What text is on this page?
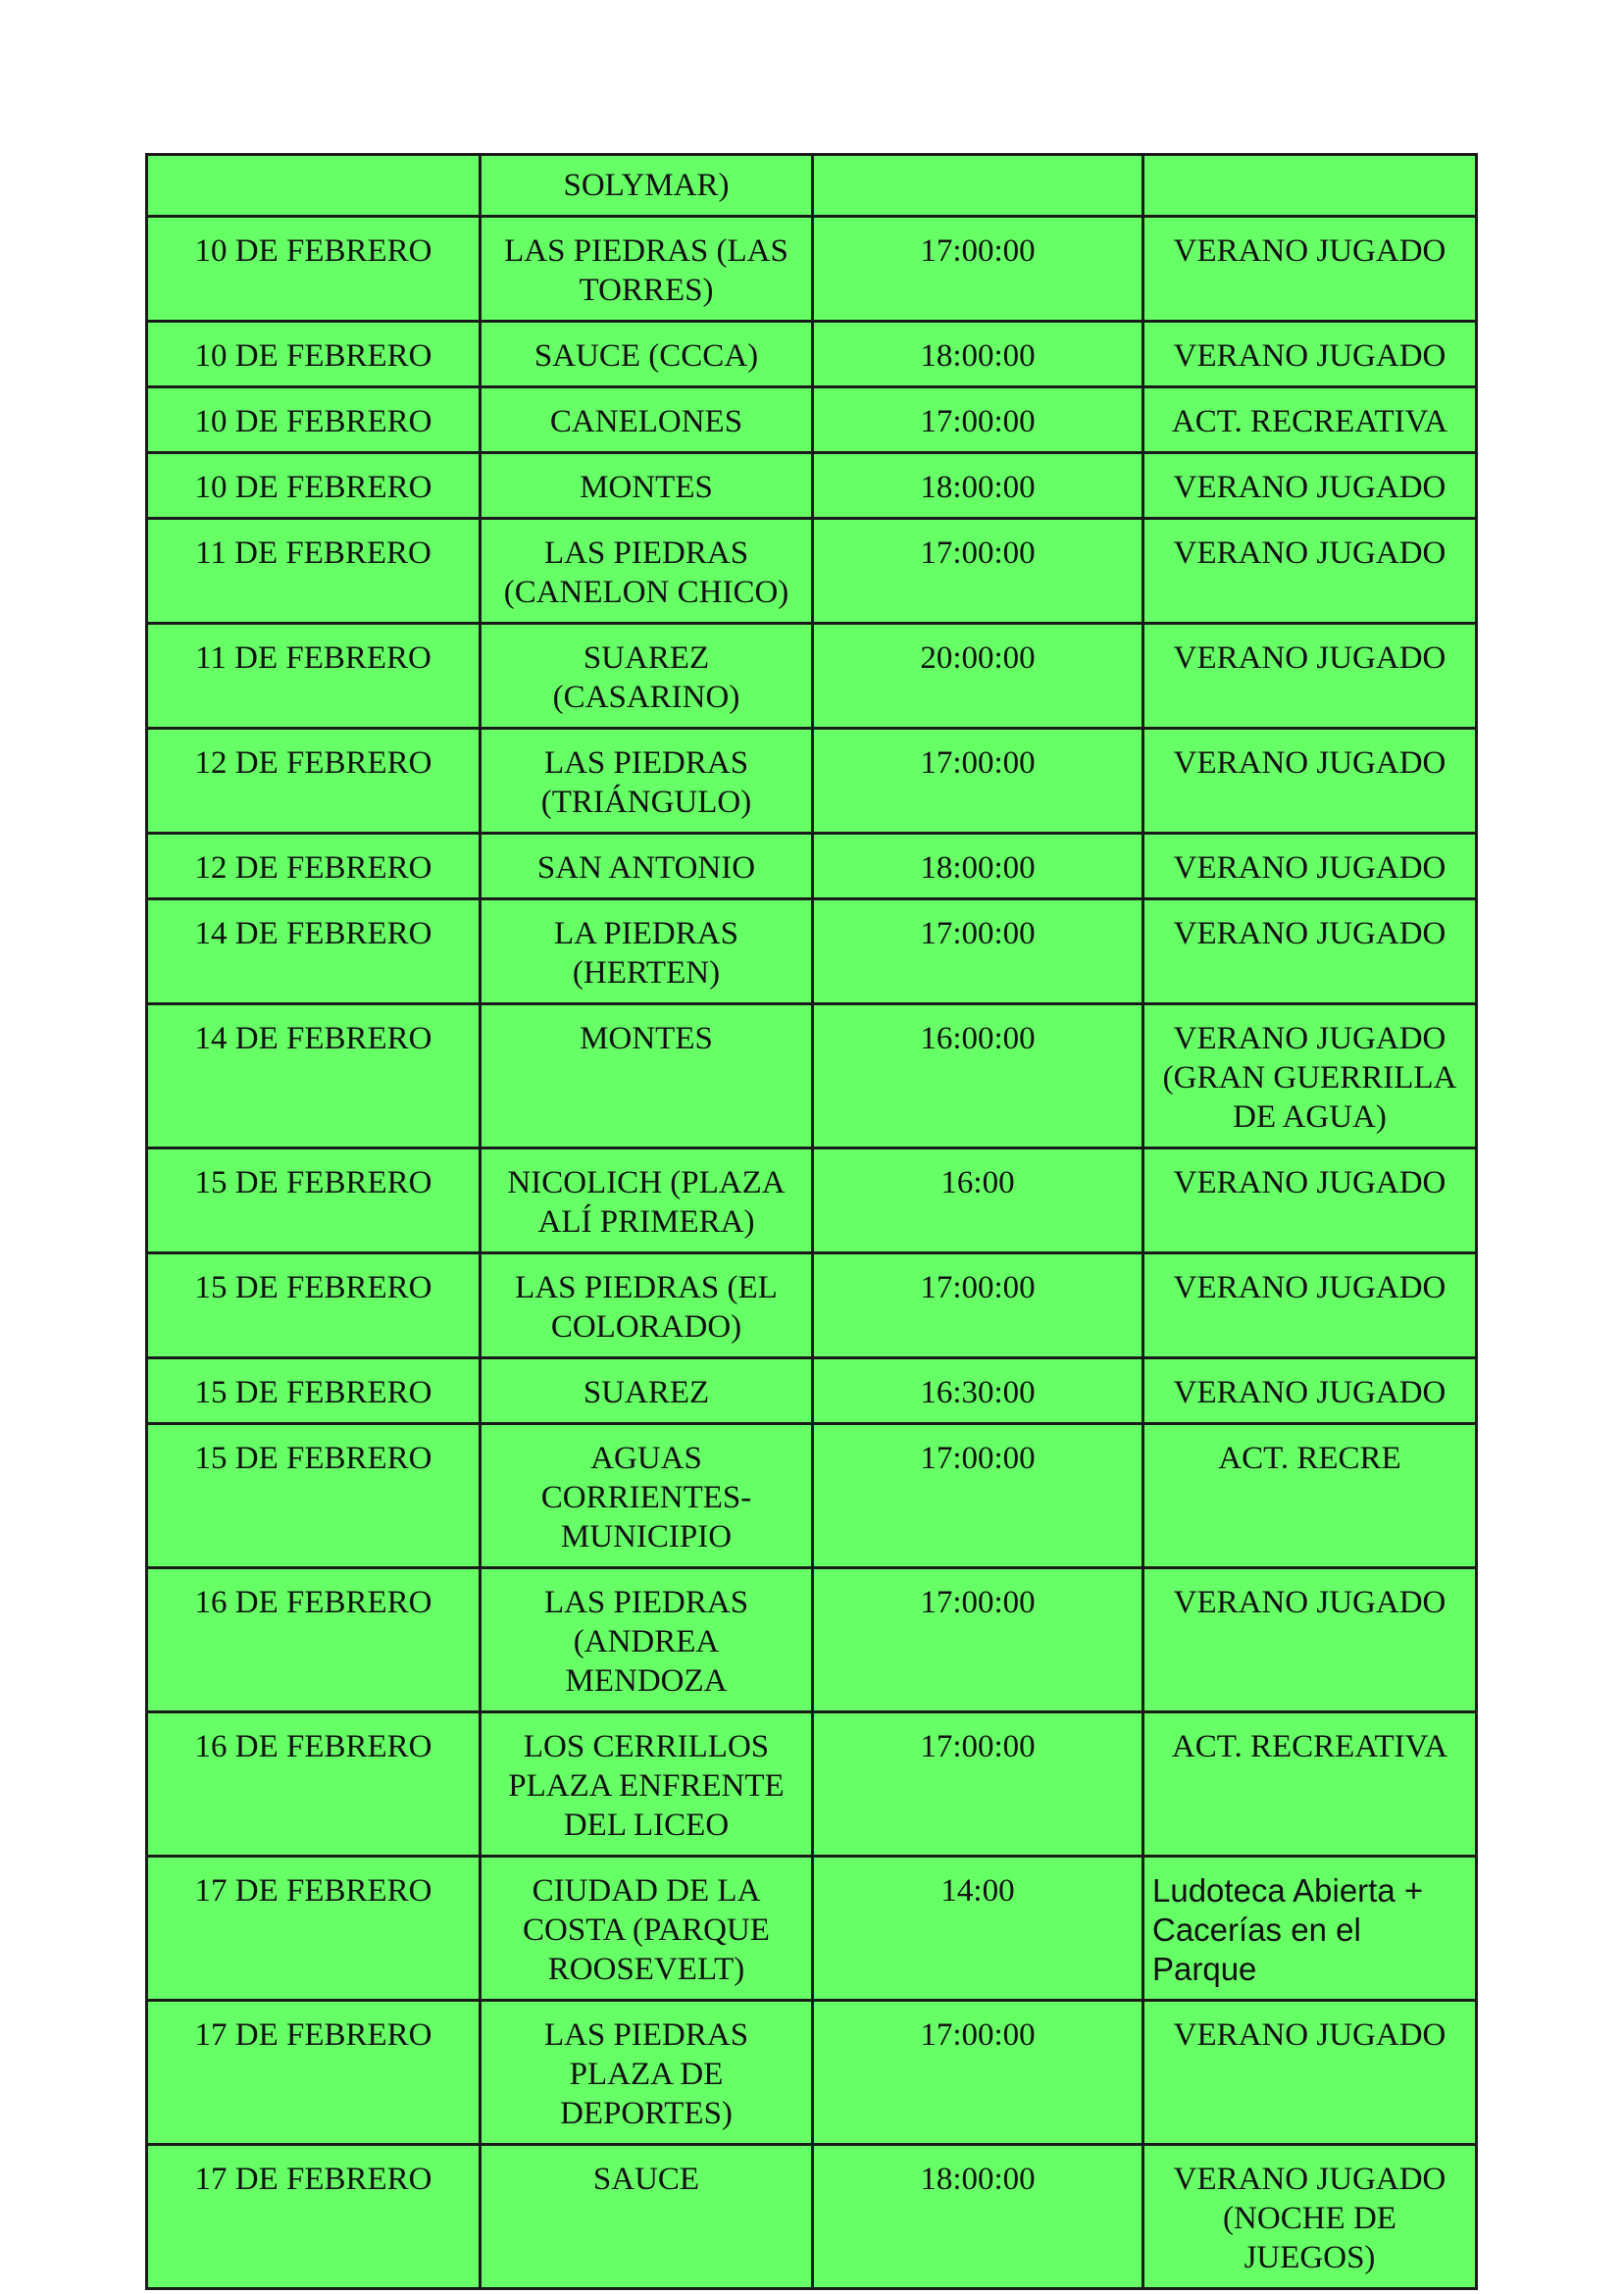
	SOLYMAR)		
10 DE FEBRERO	LAS PIEDRAS (LAS TORRES)	17:00:00	VERANO JUGADO
10 DE FEBRERO	SAUCE (CCCA)	18:00:00	VERANO JUGADO
10 DE FEBRERO	CANELONES	17:00:00	ACT. RECREATIVA
10 DE FEBRERO	MONTES	18:00:00	VERANO JUGADO
11 DE FEBRERO	LAS PIEDRAS (CANELON CHICO)	17:00:00	VERANO JUGADO
11 DE FEBRERO	SUAREZ (CASARINO)	20:00:00	VERANO JUGADO
12 DE FEBRERO	LAS PIEDRAS (TRIÁNGULO)	17:00:00	VERANO JUGADO
12 DE FEBRERO	SAN ANTONIO	18:00:00	VERANO JUGADO
14 DE FEBRERO	LA PIEDRAS (HERTEN)	17:00:00	VERANO JUGADO
14 DE FEBRERO	MONTES	16:00:00	VERANO JUGADO (GRAN GUERRILLA DE AGUA)
15 DE FEBRERO	NICOLICH (PLAZA ALÍ PRIMERA)	16:00	VERANO JUGADO
15 DE FEBRERO	LAS PIEDRAS (EL COLORADO)	17:00:00	VERANO JUGADO
15 DE FEBRERO	SUAREZ	16:30:00	VERANO JUGADO
15 DE FEBRERO	AGUAS CORRIENTES-MUNICIPIO	17:00:00	ACT. RECRE
16 DE FEBRERO	LAS PIEDRAS (ANDREA MENDOZA	17:00:00	VERANO JUGADO
16 DE FEBRERO	LOS CERRILLOS PLAZA ENFRENTE DEL LICEO	17:00:00	ACT. RECREATIVA
17 DE FEBRERO	CIUDAD DE LA COSTA (PARQUE ROOSEVELT)	14:00	Ludoteca Abierta + Cacerías en el Parque
17 DE FEBRERO	LAS PIEDRAS PLAZA DE DEPORTES)	17:00:00	VERANO JUGADO
17 DE FEBRERO	SAUCE	18:00:00	VERANO JUGADO (NOCHE DE JUEGOS)
